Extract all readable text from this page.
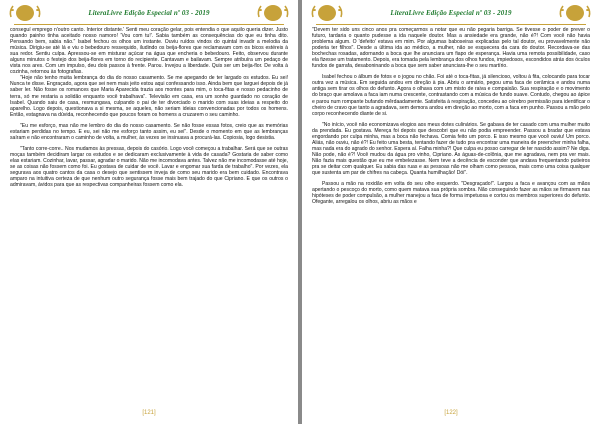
LiteraLivre Edição Especial nº 03 - 2019

conseguí emprego n'outro canto. Interior distante.' Senti meu coração gelar, pois entendia o que aquilo queria dizer. Justo quando painho tinha aceitado nosso namoro! 'Vou com tu!'. Sabia também as consequências do que eu tinha dito. Pensando bem, sabia não." Isabel fechou os olhos um instante. Ouviu ruídos vindos do quintal invadir a melodia da música. Dirigiu-se até lá e viu o bebedouro ressequido, iludindo os beija-flores que reclamavam com os bicos estéreis à sua redor. Sentiu culpa. Apressou-se em misturar açúcar na água que encheria o bebedouro. Feito, observou durante alguns minutos o festejo dos beija-flores em torno do recipiente. Cantavam e bailavam. Sempre atribuíra um pedaço de vista nos ares. Com um impulso, deu dois passos à frente. Parou. Invejou a liberdade. Quis ser um beija-flor. De volta à cozinha, retornou às fotografias.

"Hoje não tenho muita lembrança do dia do nosso casamento. Se me apegando de ter largado os estudos. Eu sei! Nunca te disse. Engraçado, agora que sei nem mais jeito estou aqui confessando isso. Ainda bem que larguei depois de já saber ler. Não fosse os romances que Maria Aparecida trazia aos montes para mim, o toca-fitas e nosso pedacinho de terra, só me restaria a solidão enquanto você trabalhava". Televisão em casa, era um sonho guardado no coração de Isabel. Quando saiu de casa, resmungava, culpando o pai de ter divorciado o marido com suas ideias a respeito do aparelho. Logo depois, questionava a si mesma, se aqueles, não seriam ideias convencionadas por todos os homens. Então, estagnava na dúvida, reconhecendo que poucos foram os homens a cruzarem o seu caminho.

"Eu me esforço, mas não me lembro do dia do nosso casamento. Se não fosse essas fotos, creio que as memórias estariam perdidas no tempo. E eu, sei não me esforço tanto assim, eu sei". Desde o momento em que as lembranças saíram e não encontraram o caminho de volta, a mulher, às vezes se insinuava a procurá-las. Copiosia, logo desistia.

"Tanto corre-corre.. Nos mudamos às pressas, depois do casório. Logo você começou a trabalhar. Será que se outras moças também decidiram largar os estudos e se dedicaram exclusivamente à vida de casada? Gostaria de saber como elas estariam. Cozinhar, lavar, passar, agradar o marido. Não me incomodava antes. Talvez não me incomodasse até hoje, se as coisas não fossem como foi. Eu gostava de cuidar de você. Lavar e engomar sua farda de trabalho". Por vezes, ela segurava aos quatro cantos da casa o desejo que sentissem inveja de como seu marido era bem cuidado. Encontrava amparo na intuitiva certeza de que nenhum outro segurança fosse mais bem trajado do que Cipriano. E que os outros o admiravam, ávidos para que as respectivas companheiras fossem como ela.

[121]
LiteraLivre Edição Especial nº 03 - 2019

"Devem ter sido uns cinco anos pra começarmos a notar que eu não pegaria barriga. Se tivesse o poder de prever o futuro, tardaria o quanto pudesse a ida naquele doutor. Mas a ansiedade era grande, não é?! Com você não havia problema algum. O 'defeito' estava em mim. Por algumas baboseiras explicadas pelo tal doutor, eu provavelmente não poderia ter filhos". Desde a última ida ao médico, a mulher, não se esquecera da cara do doutor. Recordava-se das bochechas rosadas, adornando a boca que lhe anunciara um fiapo de esperança. Havia uma remota possibilidade, caso ela fizesse um tratamento. Depois, era tomada pela lembrança dos olhos fundos, impiedosos, escondidos atrás dos óculos fundos de garrafa, desaboninando a boca que sem saber anunciara-lhe o seu martírio.

Isabel fechou o álbum de fotos e o jogou no chão. Foi até o toca-fitas, já silencioso, voltou à fita, colocando para tocar outra vez a música. Em seguida andou em direção à pia. Abriu o armário, pegou uma faca de cerâmica e andou numa antiga sem tirar os olhos do defunto. Agora o olhava com um misto de raiva e compaixão. Sua respiração e o movimento do braço que amolava a faca iam numa crescente, contrastando com a música de fundo suave. Contudo, chegou ao ápice e parou num rompante bufando mêrdaadamente. Satisfeita à respiração, concedeu ao cérebro permissão para identificar o cheiro de cravo que tanto a agradava, sem demora andou em direção ao morto, com a faca em punho. Passou a mão pelo corpo reconhecendo diante de si.

"No início, você não economizava elogios aos meus dotes culinários. Se gabava de ter casado com uma mulher muito da prendada. Eu gostava. Mereça foi depois que descobri que eu não podia empreender. Passou a bradar que estava engordando por culpa minha, mas a boca não fechava. Comia feito um porco. E isso mesmo que você ouviu! Um porco. Aliás, não ouviu, não é?! Eu feito uma besta, tentando fazer de tudo pra encontrar uma maneira de preencher minha falha, mas nada era do agrado do senhor. Espera aí. Falha minha?! Que culpa eu posso carregar de ter nascido assim? Ne diga. Não pode, não é?! Você mudou da água pro vinho, Cipriano. As águas-de-colônia, que me agradava, nem pra ver mais. Não fazia mais questão que eu me embelezasse. Nem teve a decência de esconder que andava frequentando putieiros pra se deitar com qualquer. Eu sabia das ruas e as pessoas não me olham como pessoa, mais como uma coisa qualquer que sustenta um par de chifres na cabeça. Quanta humilhação! Dói".

Passou a mão na roxidão em volta do seu olho esquerdo. "Desgraçado!". Largou a faca e avançou com as mãos apertando o pescoço do morto, como quem matava sua própria sombra. Não conseguindo fazer as mãos se firmarem nas hipóteses de poder compulsão, a mulher manejou a faca de forma impetuosa e cortou os membros superiores do defunto. Ofegante, arregalou os olhos, abriu as mãos e

[122]
